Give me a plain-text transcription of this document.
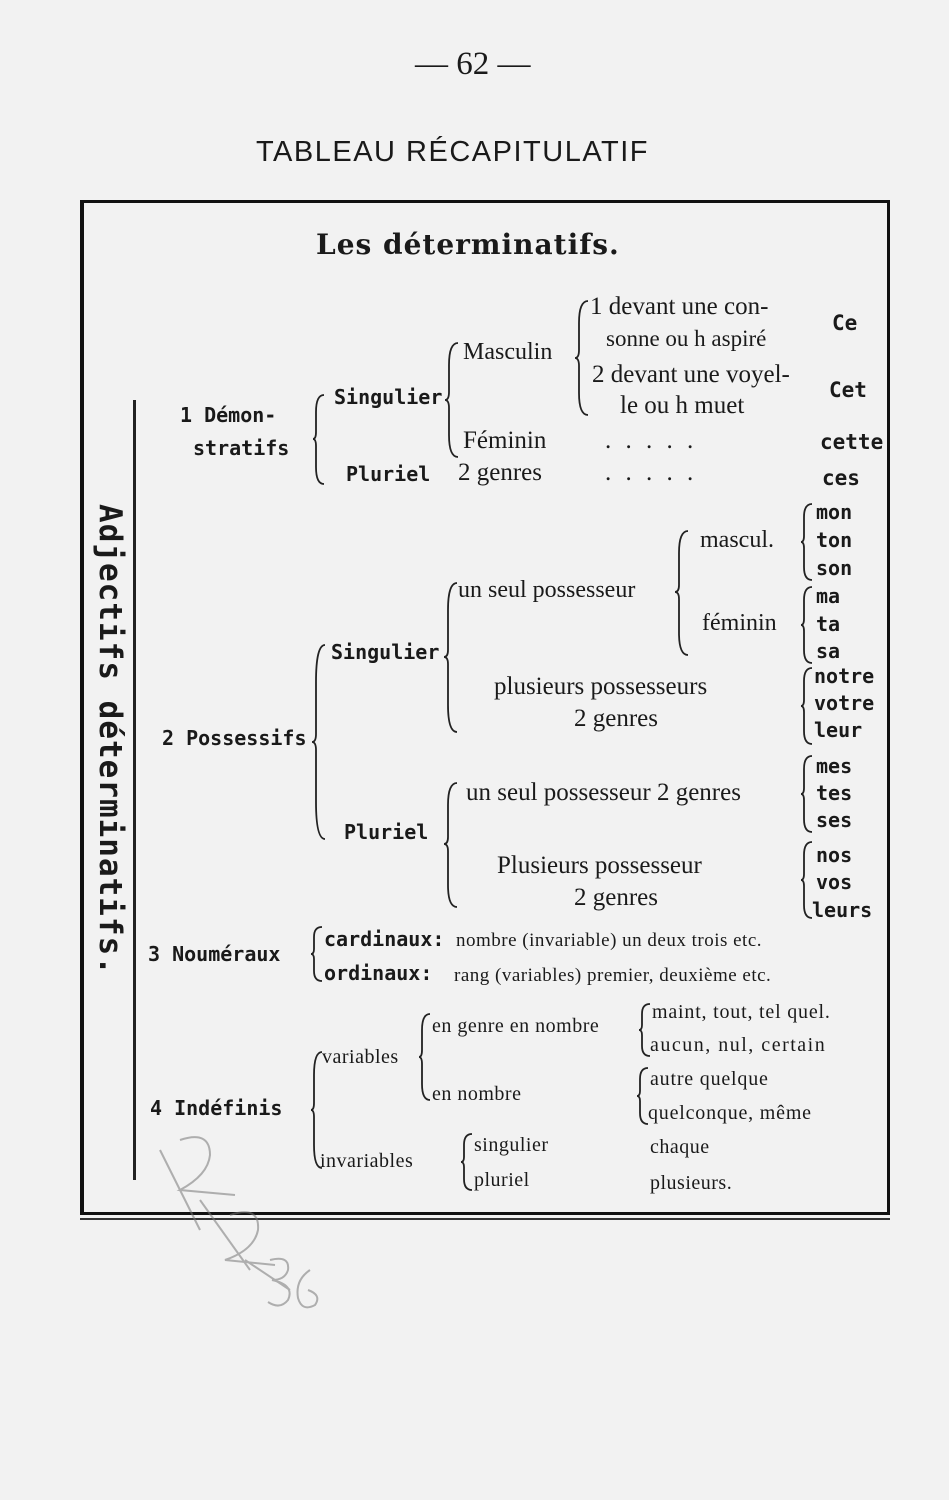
— 62 —
TABLEAU RÉCAPITULATIF
Les déterminatifs.
Adjectifs déterminatifs.
1 Démon-
stratifs
Singulier
Pluriel
Masculin
1 devant une con-
sonne ou h aspiré
2 devant une voyel-
le ou h muet
Ce
Cet
Féminin . . . . .	cette
2 genres	. . . . .	ces
2 Possessifs
Singulier
Pluriel
un seul possesseur
mascul.
féminin
mon
ton
son
ma
ta
sa
plusieurs possesseurs
2 genres
notre
votre
leur
un seul possesseur 2 genres
mes
tes
ses
Plusieurs possesseur
2 genres
nos
vos
leurs
3 Nouméraux
cardinaux: nombre (invariable) un deux trois etc.
ordinaux: rang (variables) premier, deuxième etc.
4 Indéfinis
variables
en genre en nombre
maint, tout, tel quel.
aucun, nul, certain
en nombre
autre quelque
quelconque, même
invariables
singulier
pluriel
chaque
plusieurs.
